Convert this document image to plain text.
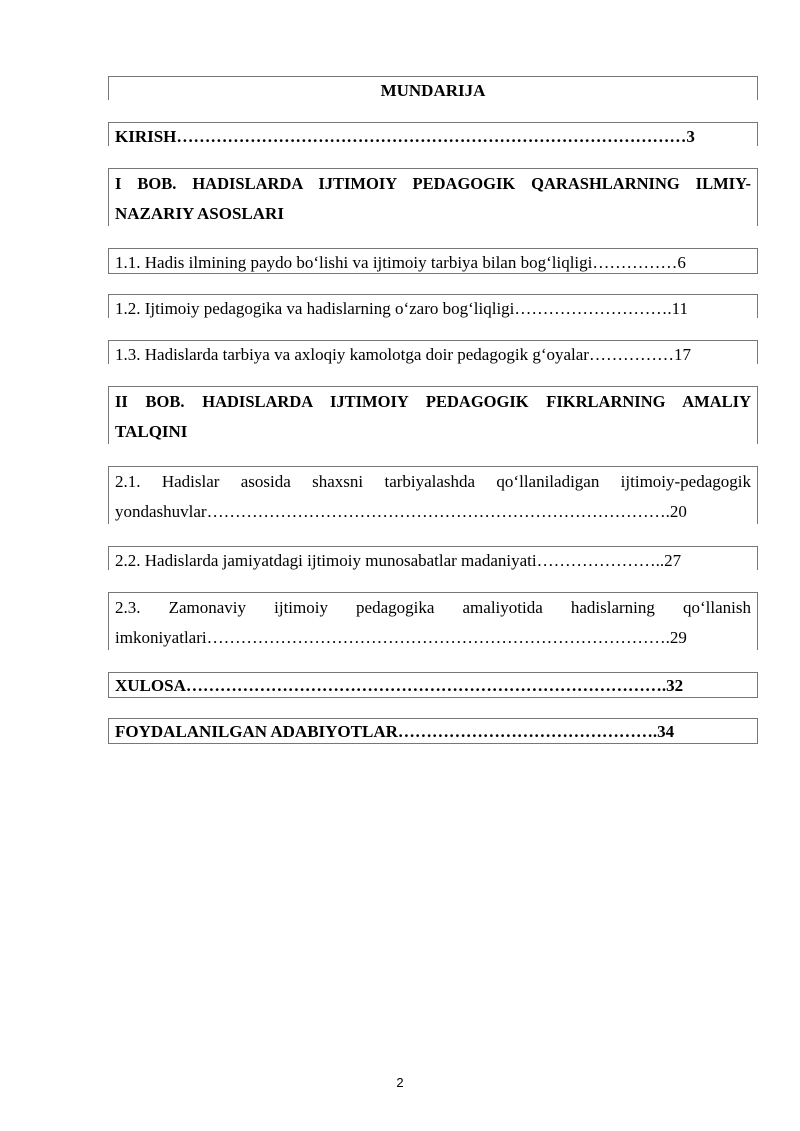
MUNDARIJA
KIRISH ……………………………………………………………………………… 3
I BOB. HADISLARDA IJTIMOIY PEDAGOGIK QARASHLARNING ILMIY-
NAZARIY ASOSLARI
1.1. Hadis ilmining paydo bo‘lishi va ijtimoiy tarbiya bilan bog‘liqligi …………… 6
1.2. Ijtimoiy pedagogika va hadislarning o‘zaro bog‘liqligi ………………………. 11
1.3. Hadislarda tarbiya va axloqiy kamolotga doir pedagogik g‘oyalar …………… 17
II BOB. HADISLARDA IJTIMOIY PEDAGOGIK FIKRLARNING AMALIY
TALQINI
2.1. Hadislar asosida shaxsni tarbiyalashda qo‘llaniladigan ijtimoiy-pedagogik
yondashuvlar ………………………………………………………………………. 20
2.2. Hadislarda jamiyatdagi ijtimoiy munosabatlar madaniyati ………………….. 27
2.3. Zamonaviy ijtimoiy pedagogika amaliyotida hadislarning qo‘llanish
imkoniyatlari ………………………………………………………………………. 29
XULOSA …………………………………………………………………………. 32
FOYDALANILGAN ADABIYOTLAR ………………………………………. 34
2
